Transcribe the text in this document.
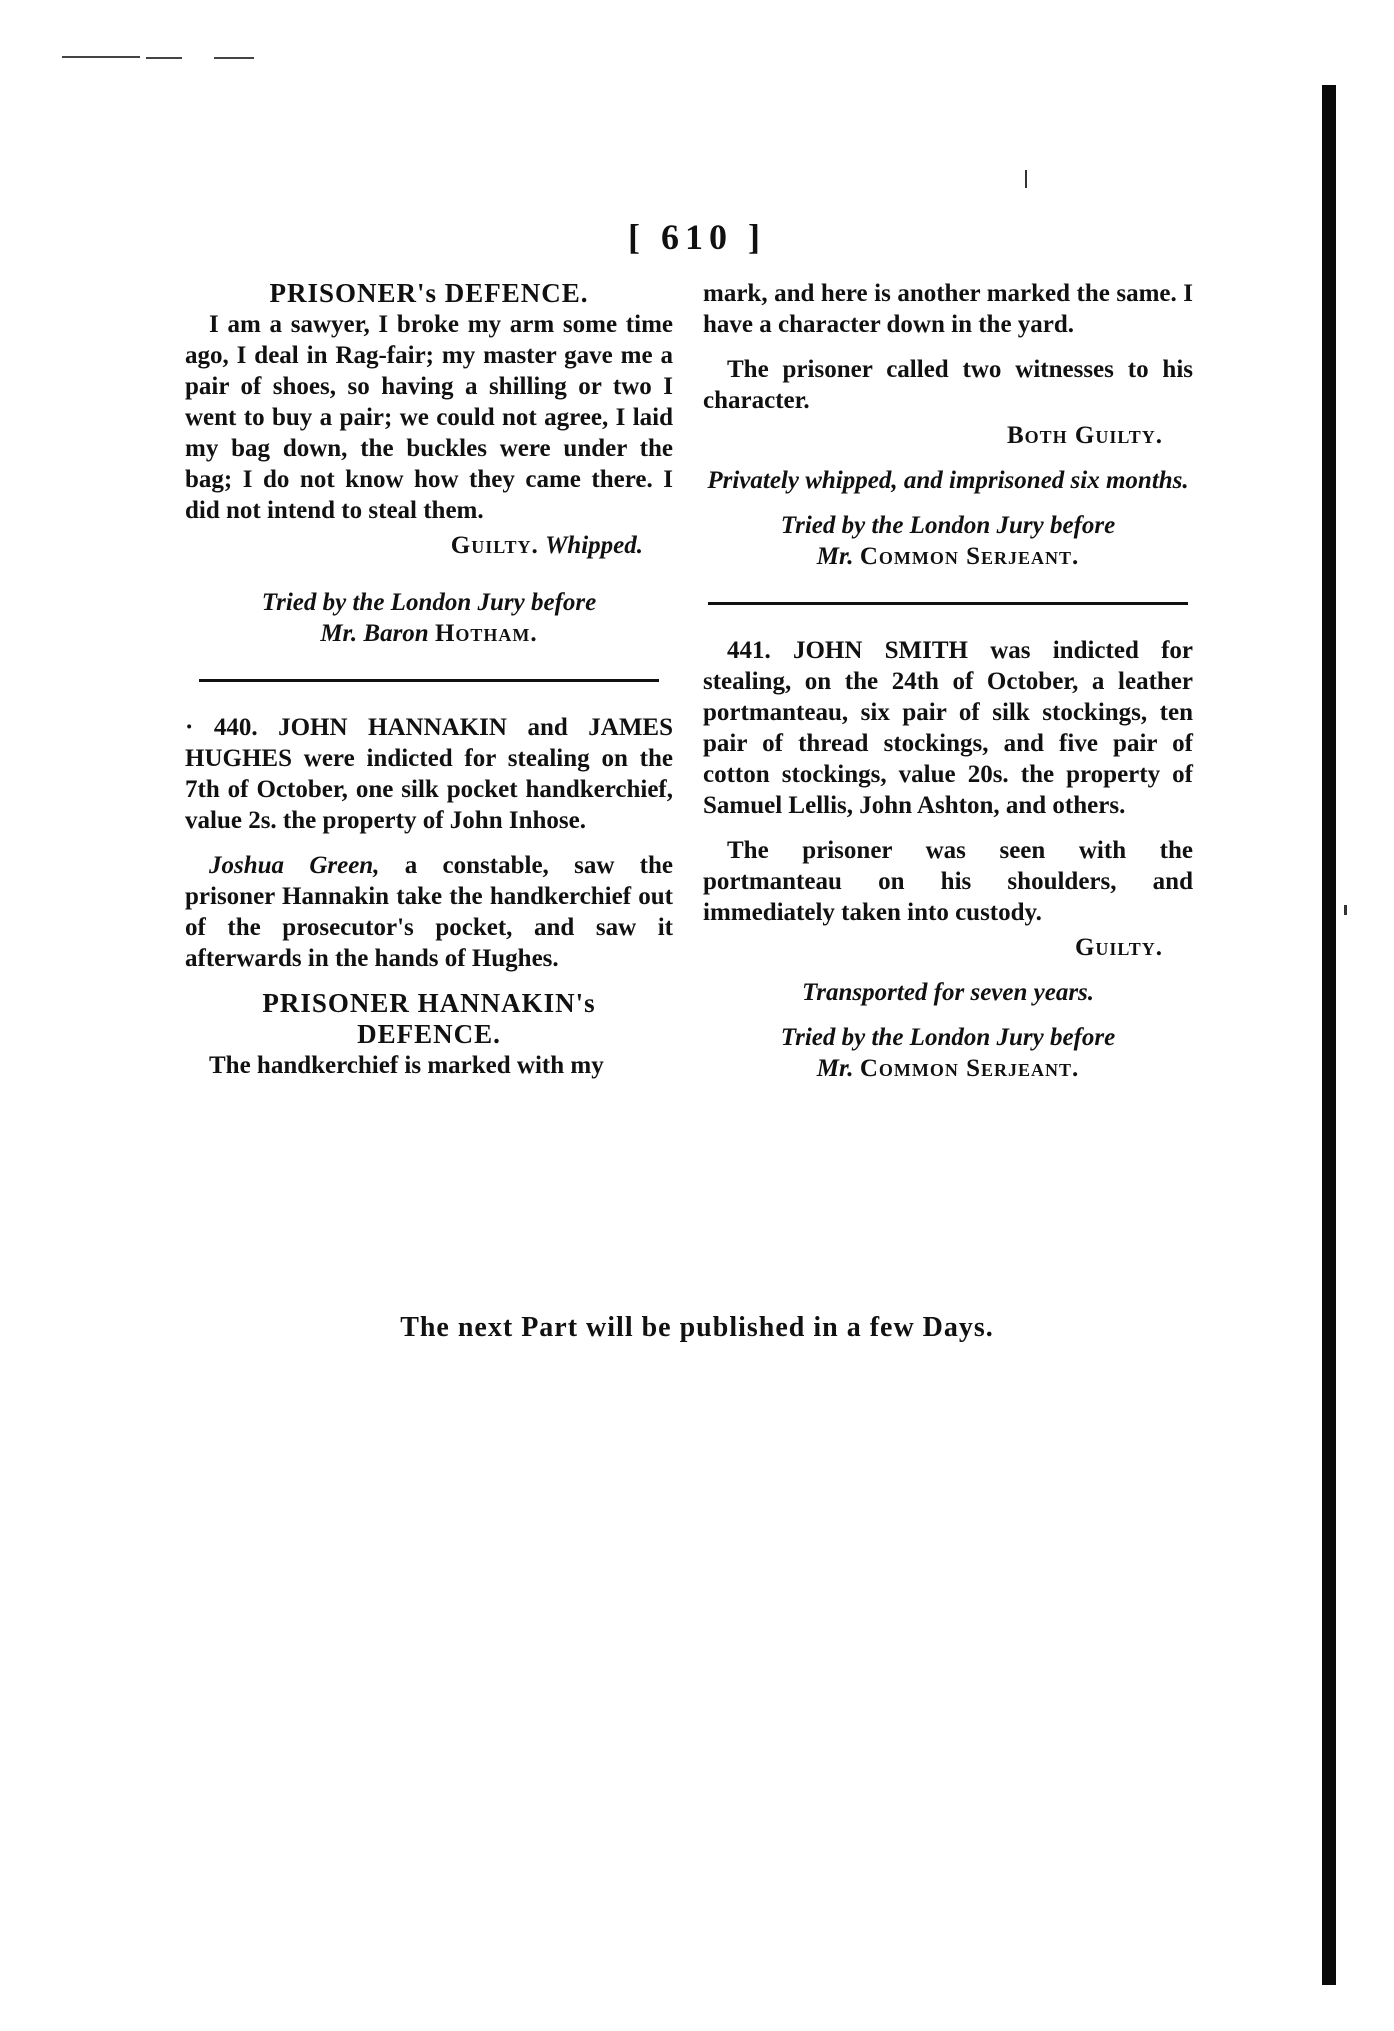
[ 610 ]

PRISONER's DEFENCE.

I am a sawyer, I broke my arm some time ago, I deal in Rag-fair; my master gave me a pair of shoes, so having a shilling or two I went to buy a pair; we could not agree, I laid my bag down, the buckles were under the bag; I do not know how they came there. I did not intend to steal them.

Guilty. Whipped.

Tried by the London Jury before

Mr. Baron Hotham.

· 440. JOHN HANNAKIN and JAMES HUGHES were indicted for stealing on the 7th of October, one silk pocket handkerchief, value 2s. the property of John Inhose.

Joshua Green, a constable, saw the prisoner Hannakin take the handkerchief out of the prosecutor's pocket, and saw it afterwards in the hands of Hughes.

PRISONER HANNAKIN's

DEFENCE.

The handkerchief is marked with my

mark, and here is another marked the same. I have a character down in the yard.

The prisoner called two witnesses to his character.

Both Guilty.

Privately whipped, and imprisoned six months.

Tried by the London Jury before

Mr. Common Serjeant.

441. JOHN SMITH was indicted for stealing, on the 24th of October, a leather portmanteau, six pair of silk stockings, ten pair of thread stockings, and five pair of cotton stockings, value 20s. the property of Samuel Lellis, John Ashton, and others.

The prisoner was seen with the portmanteau on his shoulders, and immediately taken into custody.

Guilty.

Transported for seven years.

Tried by the London Jury before

Mr. Common Serjeant.

The next Part will be published in a few Days.
